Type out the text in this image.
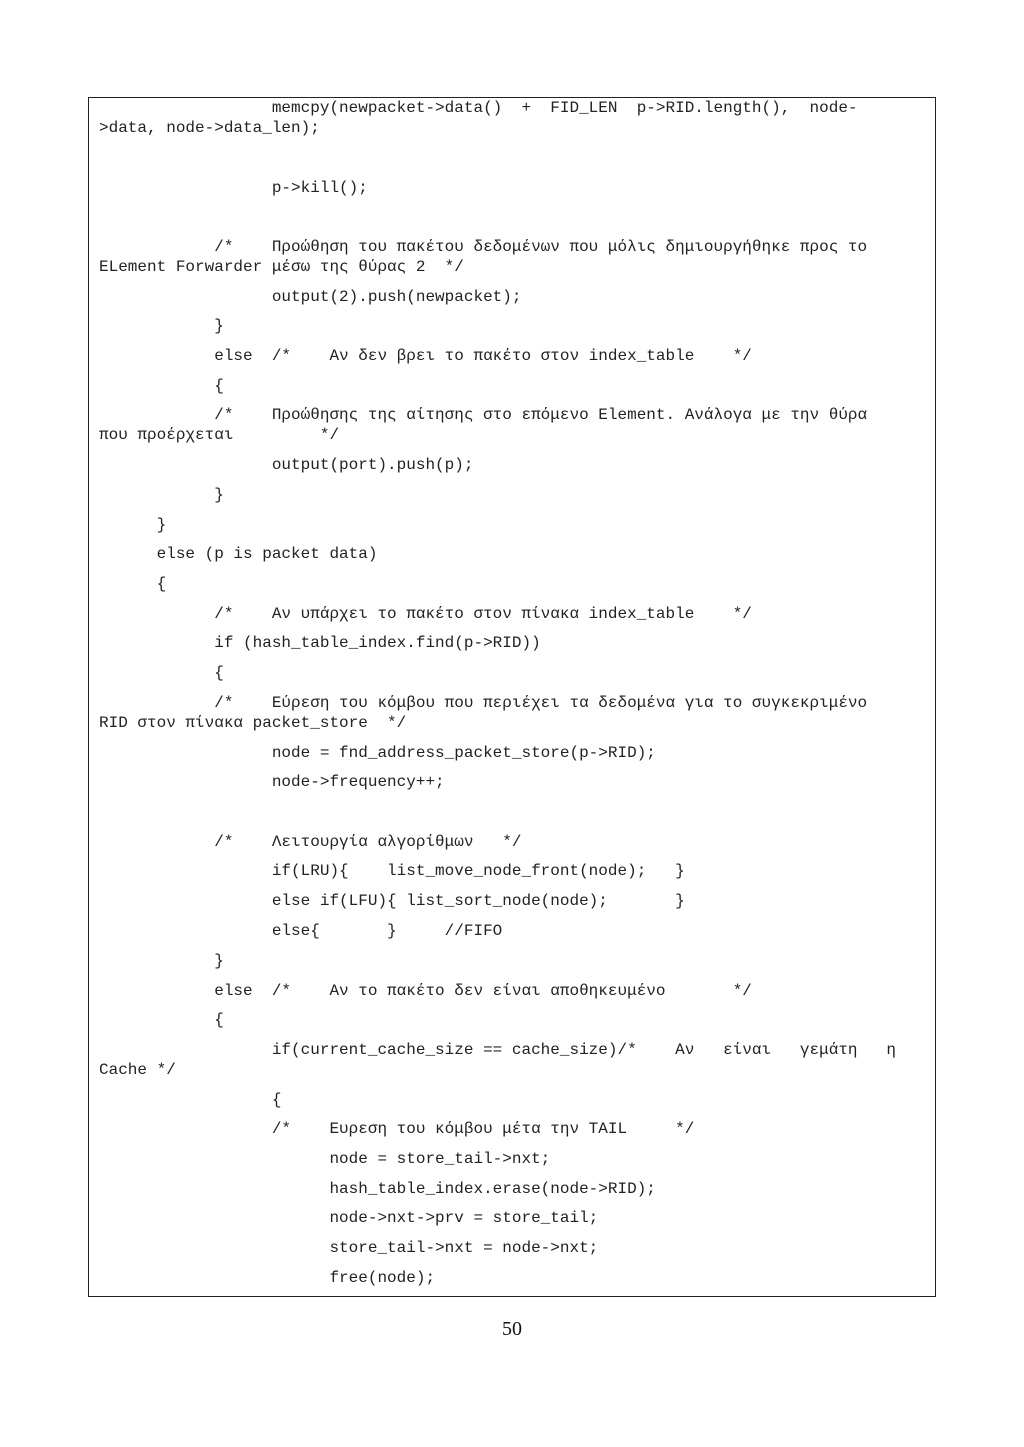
memcpy(newpacket->data()  +  FID_LEN  p->RID.length(),  node-
>data, node->data_len);
p->kill();
/*    Προώθηση του πακέτου δεδομένων που μόλις δημιουργήθηκε προς το
ELement Forwarder μέσω της θύρας 2  */
output(2).push(newpacket);
}
else  /*    Αν δεν βρει το πακέτο στον index_table    */
{
/*    Προώθησης της αίτησης στο επόμενο Element. Ανάλογα με την θύρα
που προέρχεται         */
output(port).push(p);
}
}
else (p is packet data)
{
/*    Αν υπάρχει το πακέτο στον πίνακα index_table    */
if (hash_table_index.find(p->RID))
{
/*    Εύρεση του κόμβου που περιέχει τα δεδομένα για το συγκεκριμένο
RID στον πίνακα packet_store  */
node = fnd_address_packet_store(p->RID);
node->frequency++;
/*    Λειτουργία αλγορίθμων   */
if(LRU){    list_move_node_front(node);   }
else if(LFU){ list_sort_node(node);       }
else{       }     //FIFO
}
else  /*    Αν το πακέτο δεν είναι αποθηκευμένο       */
{
if(current_cache_size == cache_size)/*    Αν   είναι   γεμάτη   η
Cache */
{
/*    Ευρεση του κόμβου μέτα την TAIL     */
node = store_tail->nxt;
hash_table_index.erase(node->RID);
node->nxt->prv = store_tail;
store_tail->nxt = node->nxt;
free(node);
50
